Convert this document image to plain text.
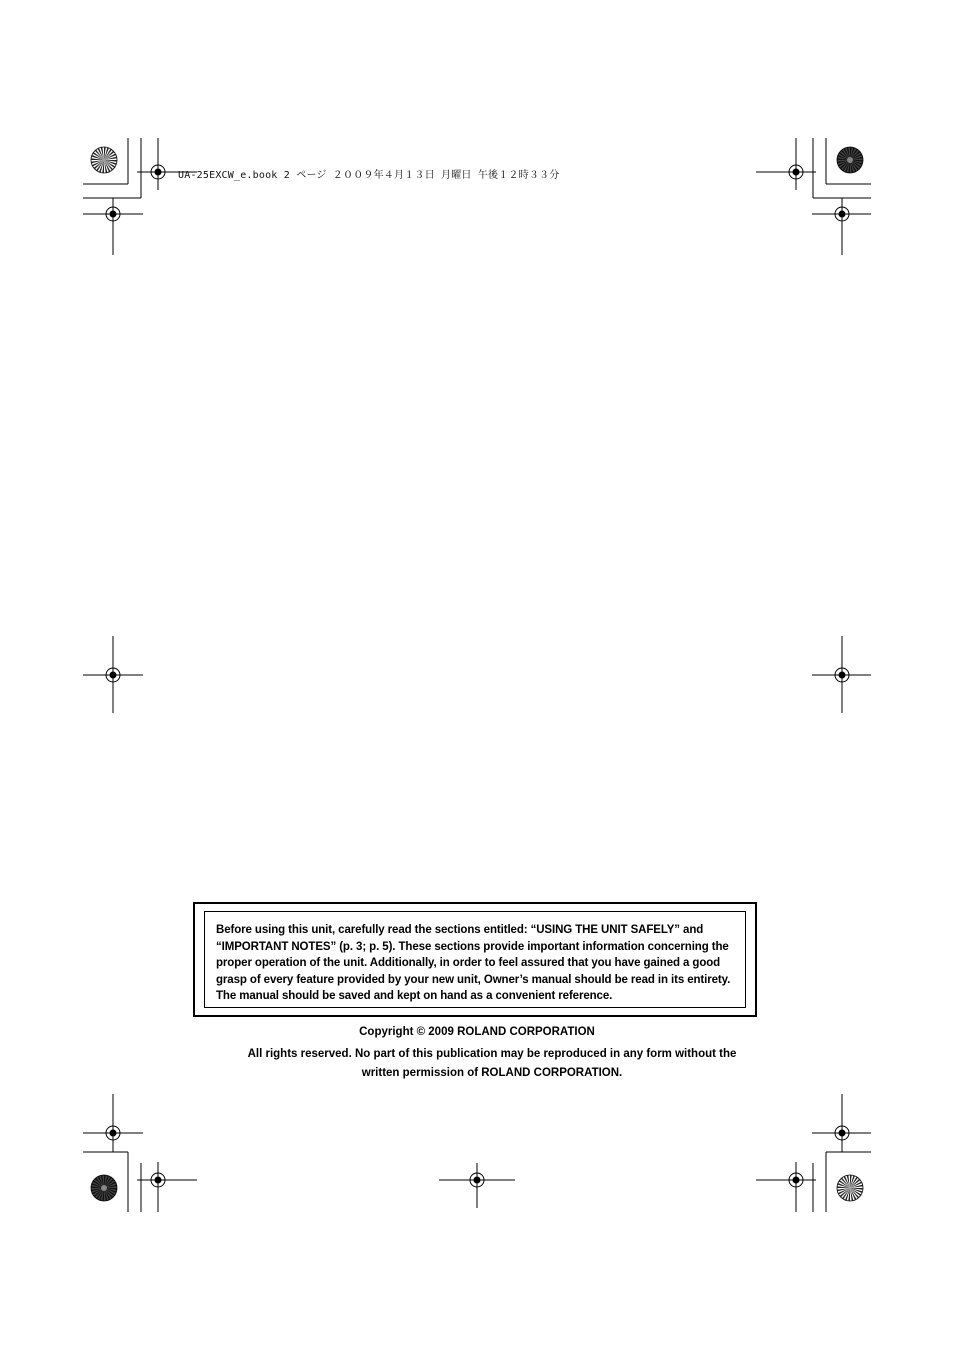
UA-25EXCW_e.book 2 ページ ２００９年４月１３日 月曜日 午後１２時３３分

Before using this unit, carefully read the sections entitled: “USING THE UNIT SAFELY” and “IMPORTANT NOTES” (p. 3; p. 5). These sections provide important information concerning the proper operation of the unit. Additionally, in order to feel assured that you have gained a good grasp of every feature provided by your new unit, Owner’s manual should be read in its entirety. The manual should be saved and kept on hand as a convenient reference.

Copyright © 2009 ROLAND CORPORATION
All rights reserved. No part of this publication may be reproduced in any form without the written permission of ROLAND CORPORATION.
